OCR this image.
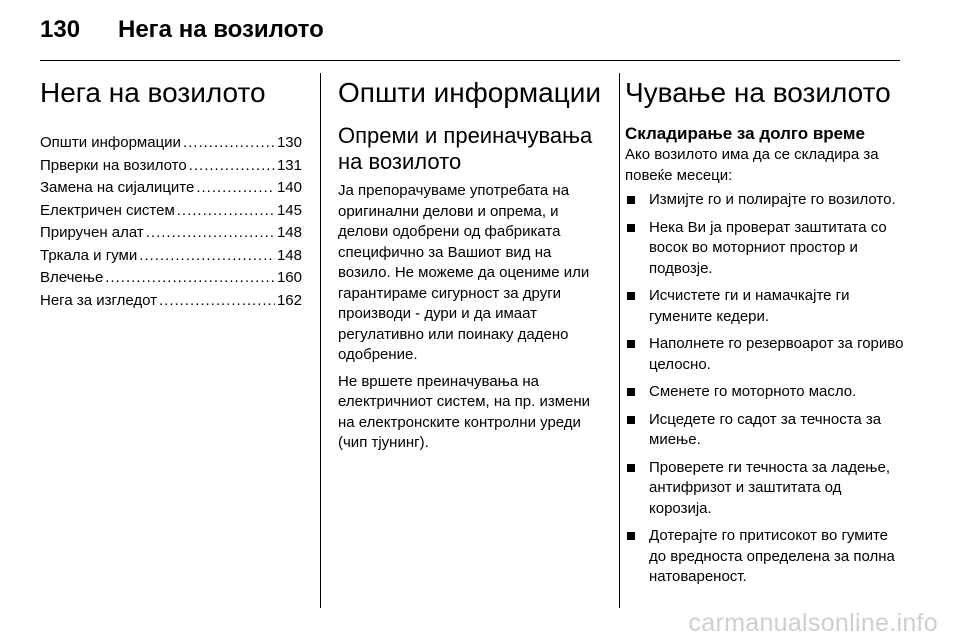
130	Нега на возилото
Нега на возилото
Општи информации .....	130
Прверки на возилото .....	131
Замена на сијалиците .....	140
Електричен систем .....	145
Приручен алат .....	148
Тркала и гуми .....	148
Влечење .....	160
Нега за изгледот .....	162
Општи информации
Опреми и преиначувања на возилото

Ја препорачуваме употребата на оригинални делови и опрема, и делови одобрени од фабриката специфично за Вашиот вид на возило. Не можеме да оцениме или гарантираме сигурност за други производи - дури и да имаат регулативно или поинаку дадено одобрение.

Не вршете преиначувања на електричниот систем, на пр. измени на електронските контролни уреди (чип тјунинг).

Чување на возилото
Складирање за долго време

Ако возилото има да се складира за повеќе месеци:

Измијте го и полирајте го возилото.
Нека Ви ја проверат заштитата со восок во моторниот простор и подвозје.
Исчистете ги и намачкајте ги гумените кедери.
Наполнете го резервоарот за гориво целосно.
Сменете го моторното масло.
Исцедете го садот за течноста за миење.
Проверете ги течноста за ладење, антифризот и заштитата од корозија.
Дотерајте го притисокот во гумите до вредноста определена за полна натовареност.
carmanualsonline.info
